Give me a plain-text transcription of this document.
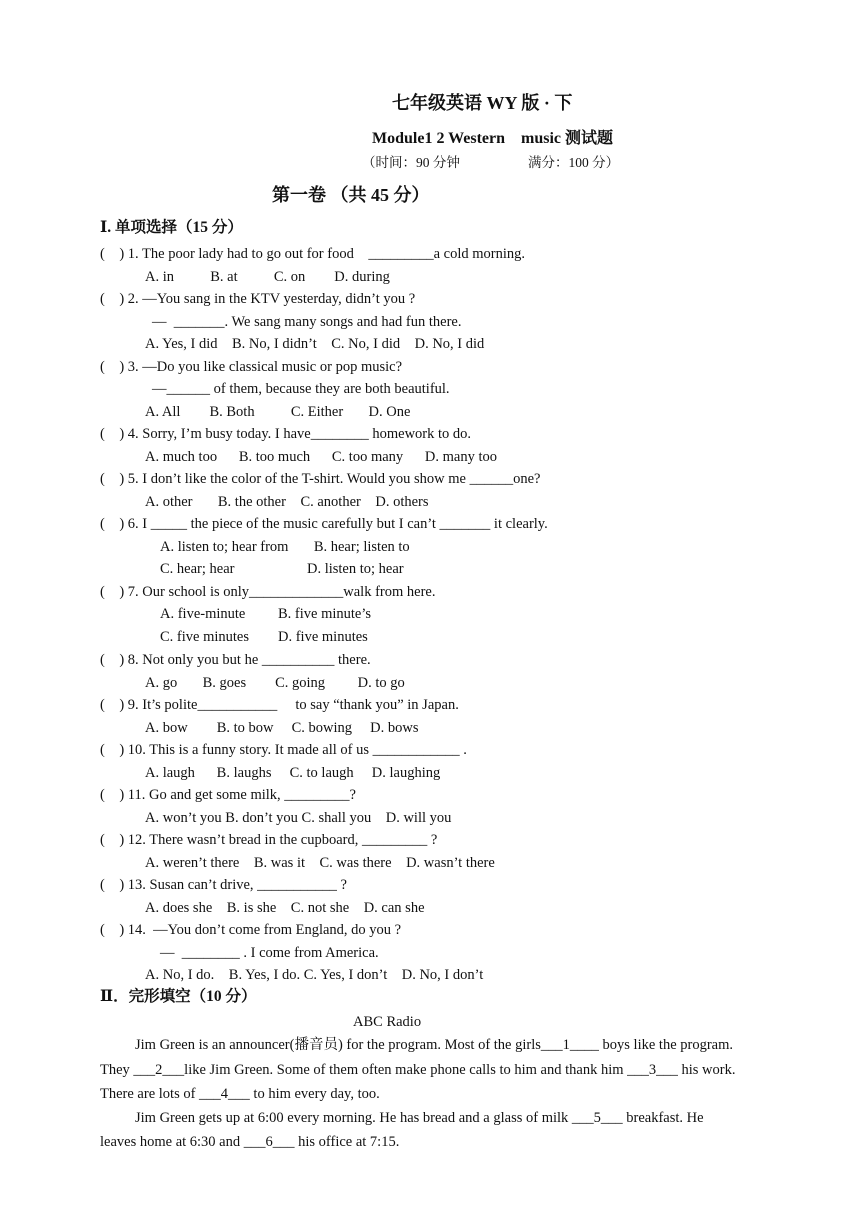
七年级英语 WY 版 · 下
Module1 2 Western　music 测试题
（时间：90 分钟	满分：100 分）
第一卷 （共 45 分）
Ⅰ. 单项选择（15 分）
(    ) 1. The poor lady had to go out for food    _________a cold morning.
A. in          B. at          C. on        D. during
(    ) 2. —You sang in the KTV yesterday, didn’t you ?
—  _______. We sang many songs and had fun there.
A. Yes, I did    B. No, I didn’t    C. No, I did    D. No, I did
(    ) 3. —Do you like classical music or pop music?
—______ of them, because they are both beautiful.
A. All        B. Both          C. Either       D. One
(    ) 4. Sorry, I’m busy today. I have________ homework to do.
A. much too      B. too much      C. too many      D. many too
(    ) 5. I don’t like the color of the T-shirt. Would you show me ______one?
A. other       B. the other    C. another    D. others
(    ) 6. I _____ the piece of the music carefully but I can’t _______ it clearly.
A. listen to; hear from       B. hear; listen to
C. hear; hear                    D. listen to; hear
(    ) 7. Our school is only_____________walk from here.
A. five-minute         B. five minute’s
C. five minutes        D. five minutes
(    ) 8. Not only you but he __________ there.
A. go       B. goes        C. going         D. to go
(    ) 9. It’s polite___________     to say “thank you” in Japan.
A. bow        B. to bow     C. bowing     D. bows
(    ) 10. This is a funny story. It made all of us ____________ .
A. laugh      B. laughs     C. to laugh     D. laughing
(    ) 11. Go and get some milk, _________?
A. won’t you B. don’t you C. shall you    D. will you
(    ) 12. There wasn’t bread in the cupboard, _________ ?
A. weren’t there    B. was it    C. was there    D. wasn’t there
(    ) 13. Susan can’t drive, ___________ ?
A. does she    B. is she    C. not she    D. can she
(    ) 14.  —You don’t come from England, do you ?
—  ________ . I come from America.
A. No, I do.    B. Yes, I do. C. Yes, I don’t    D. No, I don’t
Ⅱ．完形填空（10 分）
ABC Radio
Jim Green is an announcer(播音员) for the program. Most of the girls___1____ boys like the program.
They ___2___like Jim Green. Some of them often make phone calls to him and thank him ___3___ his work.
There are lots of ___4___ to him every day, too.
Jim Green gets up at 6:00 every morning. He has bread and a glass of milk ___5___ breakfast. He
leaves home at 6:30 and ___6___ his office at 7:15.
